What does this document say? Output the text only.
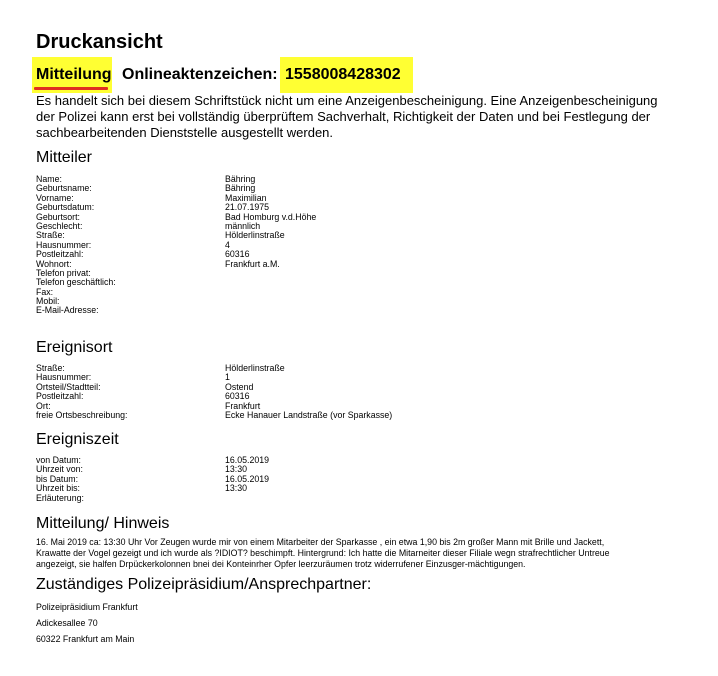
Druckansicht
Mitteilung Onlineaktenzeichen: 1558008428302

Es handelt sich bei diesem Schriftstück nicht um eine Anzeigenbescheinigung. Eine Anzeigenbescheinigung

der Polizei kann erst bei vollständig überprüftem Sachverhalt, Richtigkeit der Daten und bei Festlegung der

sachbearbeitenden Dienststelle ausgestellt werden.

Mitteiler
Name:	Bähring
Geburtsname:	Bähring
Vorname:	Maximilian
Geburtsdatum:	21.07.1975
Geburtsort:	Bad Homburg v.d.Höhe
Geschlecht:	männlich
Straße:	Hölderlinstraße
Hausnummer:	4
Postleitzahl:	60316
Wohnort:	Frankfurt a.M.
Telefon privat:
Telefon geschäftlich:
Fax:
Mobil:
E-Mail-Adresse:
Ereignisort
Straße:	Hölderlinstraße
Hausnummer:	1
Ortsteil/Stadtteil:	Ostend
Postleitzahl:	60316
Ort:	Frankfurt
freie Ortsbeschreibung:	Ecke Hanauer Landstraße (vor Sparkasse)
Ereigniszeit
von Datum:	16.05.2019
Uhrzeit von:	13:30
bis Datum:	16.05.2019
Uhrzeit bis:	13:30
Erläuterung:
Mitteilung/ Hinweis

16. Mai 2019 ca: 13:30 Uhr Vor Zeugen wurde mir von einem Mitarbeiter der Sparkasse , ein etwa 1,90 bis 2m großer Mann mit Brille und Jackett,

Krawatte der Vogel gezeigt und ich wurde als ?IDIOT? beschimpft. Hintergrund: Ich hatte die Mitarneiter dieser Filiale wegn strafrechtlicher Untreue

angezeigt, sie halfen Drpückerkolonnen bnei dei Konteinrher Opfer leerzuräumen trotz widerrufener Einzusger-mächtigungen.

Zuständiges Polizeipräsidium/Ansprechpartner:
Polizeipräsidium Frankfurt
Adickesallee 70
60322 Frankfurt am Main
